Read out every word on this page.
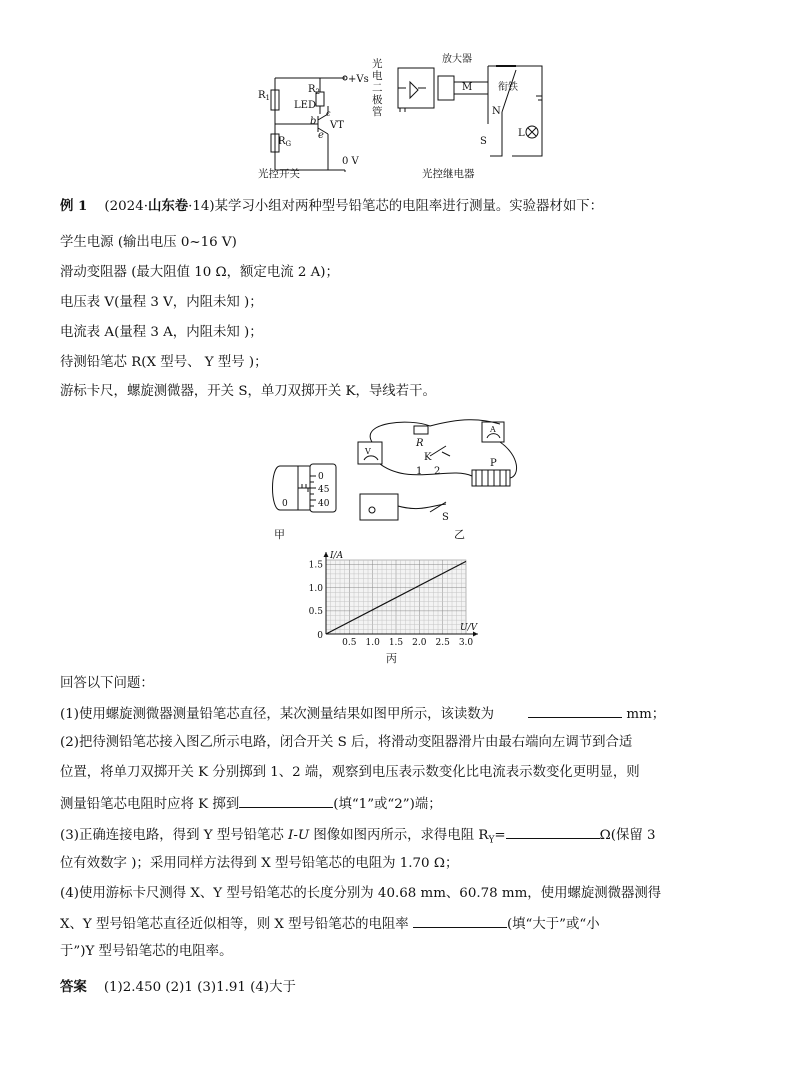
$R_1$
$R_2$
$R_G$
LED
b
c
e
VT
+Vs
0 V
放大器
M	衔铁
N
S
L
光电二极管
光控开关	光控继电器
例 1 (2024·山东卷·14)某学习小组对两种型号铅笔芯的电阻率进行测量。实验器材如下：
学生电源 (输出电压 0~16 V)
滑动变阻器 (最大阻值 10 Ω，额定电流 2 A)；
电压表 V(量程 3 V，内阻未知 )；
电流表 A(量程 3 A，内阻未知 )；
待测铅笔芯 R(X 型号、 Y 型号 )；
游标卡尺，螺旋测微器，开关 S，单刀双掷开关 K，导线若干。
0
45
40
0
甲
R
K
1 2
P
S
V
A
乙
0.5 1.0 1.5 2.0 2.5 3.0
1.5
1.0
0.5
0
I/A
U/V
丙
回答以下问题：
(1)使用螺旋测微器测量铅笔芯直径，某次测量结果如图甲所示，该读数为	mm；
(2)把待测铅笔芯接入图乙所示电路，闭合开关 S 后，将滑动变阻器滑片由最右端向左调节到合适
位置，将单刀双掷开关 K 分别掷到 1、2 端，观察到电压表示数变化比电流表示数变化更明显，则
测量铅笔芯电阻时应将 K 掷到	(填“1”或“2”)端；
(3)正确连接电路，得到 Y 型号铅笔芯 I-U 图像如图丙所示，求得电阻 $R_Y=$	Ω(保留 3
位有效数字 )；采用同样方法得到 X 型号铅笔芯的电阻为 1.70 Ω；
(4)使用游标卡尺测得 X、Y 型号铅笔芯的长度分别为 40.68 mm、60.78 mm，使用螺旋测微器测得
X、Y 型号铅笔芯直径近似相等，则 X 型号铅笔芯的电阻率	(填“大于”或“小
于”)Y 型号铅笔芯的电阻率。
答案 (1)2.450 (2)1 (3)1.91 (4)大于
